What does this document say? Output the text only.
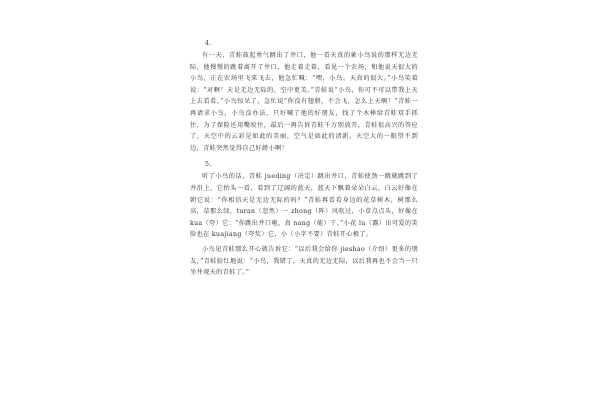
4.

有一天，青蛙鼓起勇气跳出了井口，他一看天真的象小鸟说的那样无边无际，他慢慢的跳着离开了井口，他走着走着，看见一个农场，和他说天很大的小鸟，正在农场里飞来飞去，他急忙喊：“嘿，小鸟，天真的很大。”小鸟笑着说：“对啊！天是无边无际的，空中更美。”青蛙说“小鸟，你可不可以带我上天上去看看。”小鸟惊呆了，急忙说“你没有翅膀，不会飞，怎么上天啊！”青蛙一再请求小鸟，小鸟没办法，只好喊了他的好朋友，找了个木棒给青蛙双手抓住，为了保险还用嘴咬住，最后一再告诉青蛙千万别放开，青蛙很高兴的答应了，天空中的云彩是如此的美丽，空气是如此的清新，天空大的一眼望不到边，青蛙突然觉得自己好渺小啊！

5.

听了小鸟的话，青蛙 jueding（决定）跳出井口，青蛙使劲一跳就跳到了井沿上，它抬头一看，看到了辽阔的蓝天，蓝天下飘着朵朵白云，白云好像在朝它说：“你相信天是无边无际的吗？”青蛙再看看身边的花草树木，树那么高，草那么绿，turan（忽然）一 zhong（阵）风吹过，小草点点头，好像在 kua（夸）它：“你跳出井口啦，真 nang（能）干。”小花 lu（露）出可爱的笑脸也在 kuajiang（夸奖）它，小（小字不要）青蛙开心极了。

小鸟见青蛙那么开心就告诉它：“以后我会给你 jieshao（介绍）更多的朋友，”青蛙脸红地说：“小鸟，我错了，天真的无边无际，以后我再也不会当一只坐井观天的青蛙了。”
